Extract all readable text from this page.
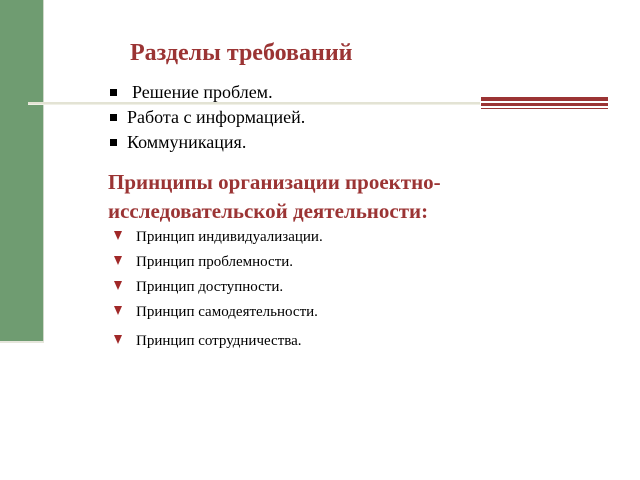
Разделы требований
Решение проблем.
Работа с информацией.
Коммуникация.
Принципы организации проектно-
исследовательской деятельности:
Принцип индивидуализации.
Принцип проблемности.
Принцип доступности.
Принцип самодеятельности.
Принцип сотрудничества.
